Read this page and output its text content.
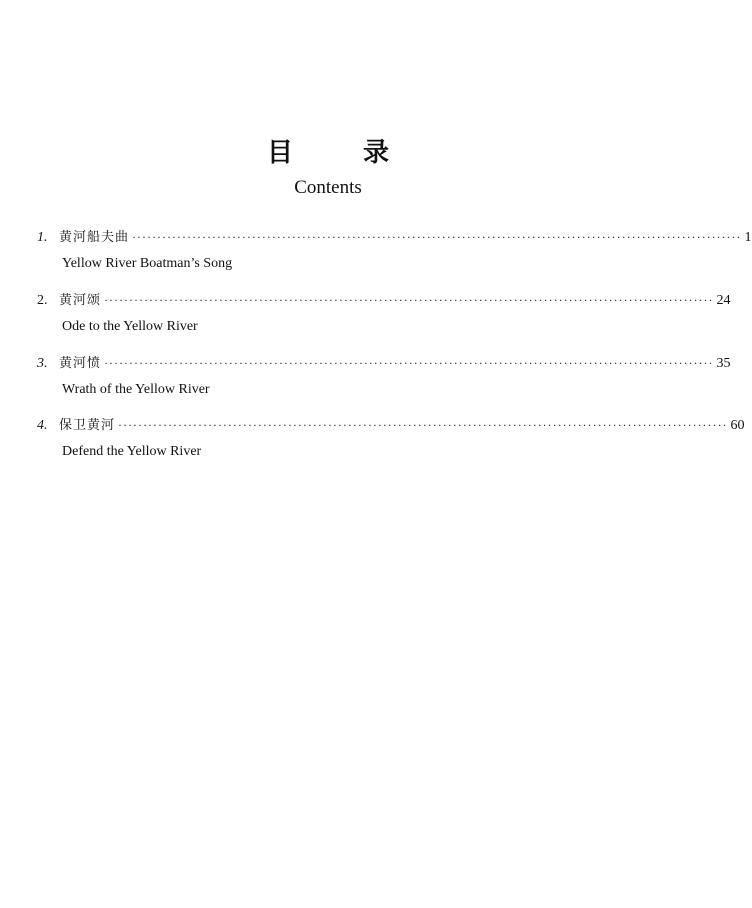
目	录
Contents
1. 黄河船夫曲 ·························································································································· 1
Yellow River Boatman’s Song
2. 黄河颂 ·························································································································· 24
Ode to the Yellow River
3. 黄河愤 ·························································································································· 35
Wrath of the Yellow River
4. 保卫黄河 ·························································································································· 60
Defend the Yellow River
